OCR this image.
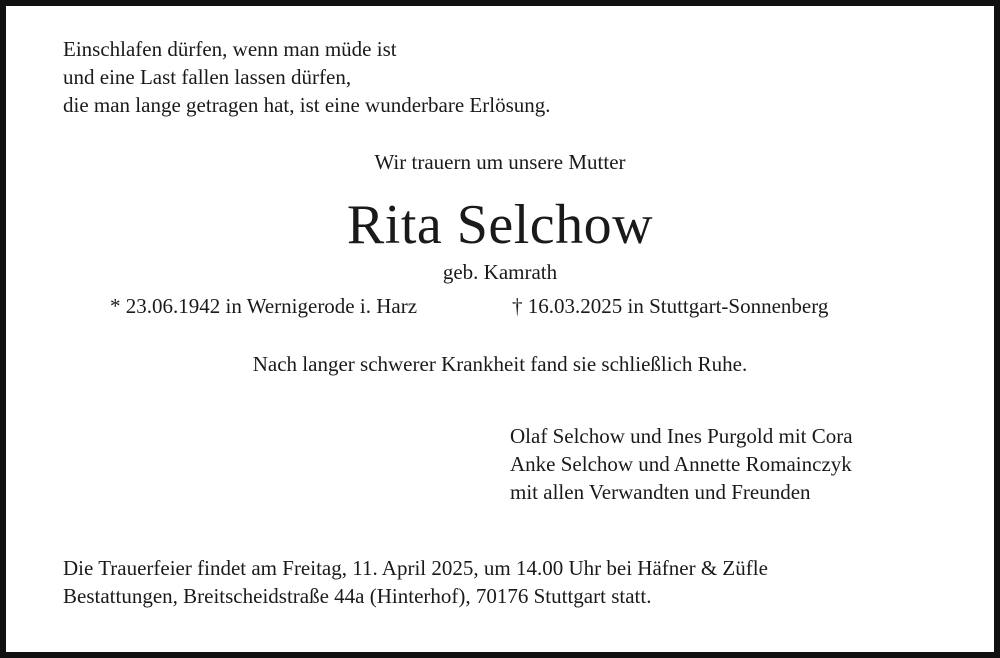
Einschlafen dürfen, wenn man müde ist
und eine Last fallen lassen dürfen,
die man lange getragen hat, ist eine wunderbare Erlösung.
Wir trauern um unsere Mutter
Rita Selchow
geb. Kamrath
* 23.06.1942 in Wernigerode i. Harz	† 16.03.2025 in Stuttgart-Sonnenberg
Nach langer schwerer Krankheit fand sie schließlich Ruhe.
Olaf Selchow und Ines Purgold mit Cora
Anke Selchow und Annette Romainczyk
mit allen Verwandten und Freunden
Die Trauerfeier findet am Freitag, 11. April 2025, um 14.00 Uhr bei Häfner & Züfle
Bestattungen, Breitscheidstraße 44a (Hinterhof), 70176 Stuttgart statt.
